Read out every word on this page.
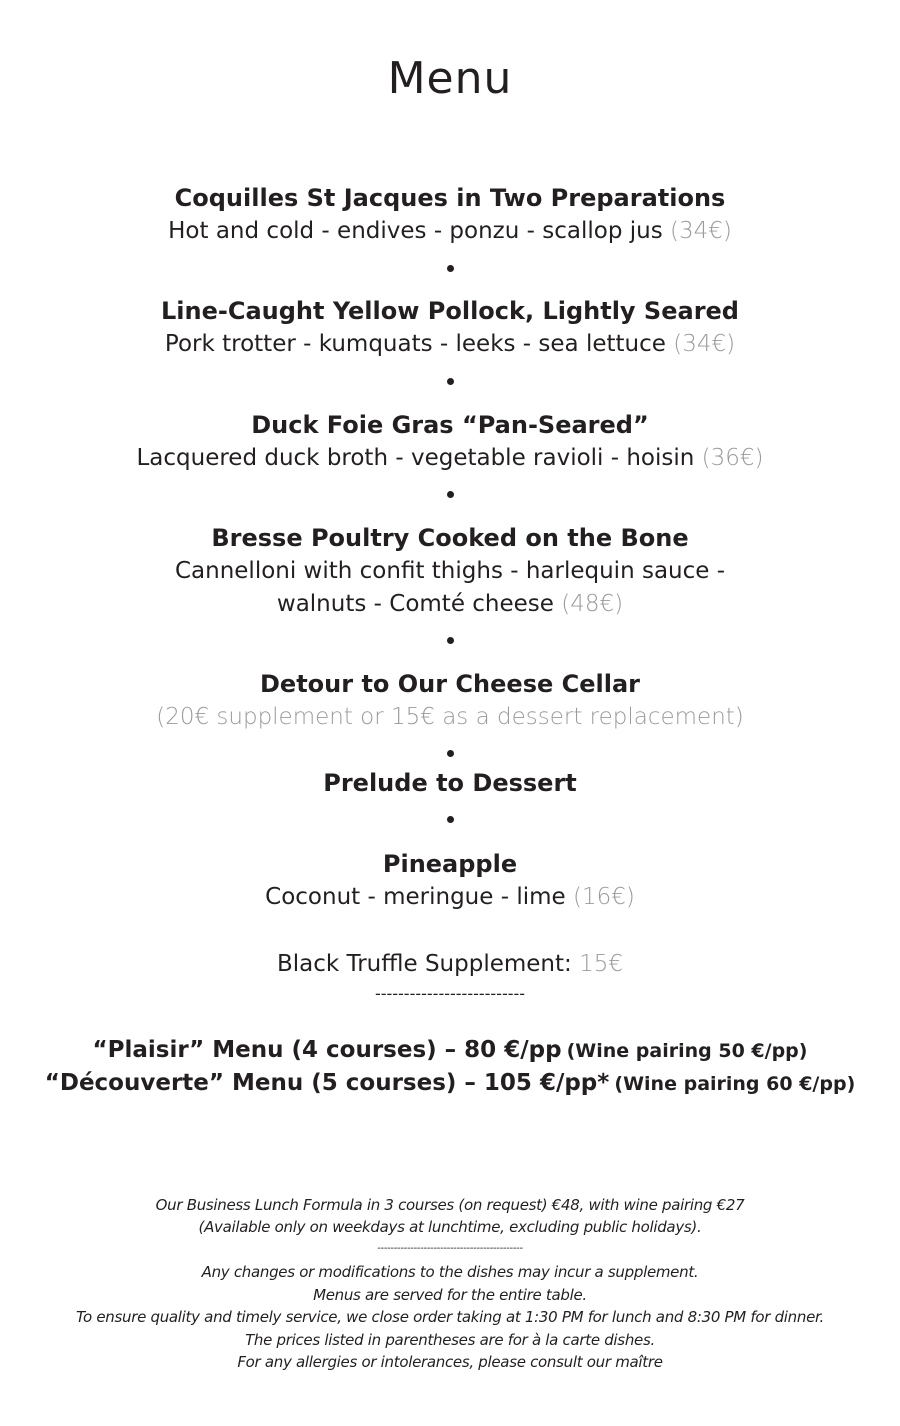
Menu
Coquilles St Jacques in Two Preparations
Hot and cold - endives - ponzu - scallop jus (34€)
Line-Caught Yellow Pollock, Lightly Seared
Pork trotter - kumquats - leeks - sea lettuce (34€)
Duck Foie Gras “Pan-Seared”
Lacquered duck broth - vegetable ravioli - hoisin (36€)
Bresse Poultry Cooked on the Bone
Cannelloni with confit thighs - harlequin sauce -
walnuts - Comté cheese (48€)
Detour to Our Cheese Cellar
(20€ supplement or 15€ as a dessert replacement)
Prelude to Dessert
Pineapple
Coconut - meringue - lime (16€)
Black Truffle Supplement: 15€
--------------------------
“Plaisir” Menu (4 courses) – 80 €/pp (Wine pairing 50 €/pp)
“Découverte” Menu (5 courses) – 105 €/pp* (Wine pairing 60 €/pp)
Our Business Lunch Formula in 3 courses (on request) €48, with wine pairing €27
(Available only on weekdays at lunchtime, excluding public holidays).
--------------------------------------------
Any changes or modifications to the dishes may incur a supplement.
Menus are served for the entire table.
To ensure quality and timely service, we close order taking at 1:30 PM for lunch and 8:30 PM for dinner.
The prices listed in parentheses are for à la carte dishes.
For any allergies or intolerances, please consult our maître
